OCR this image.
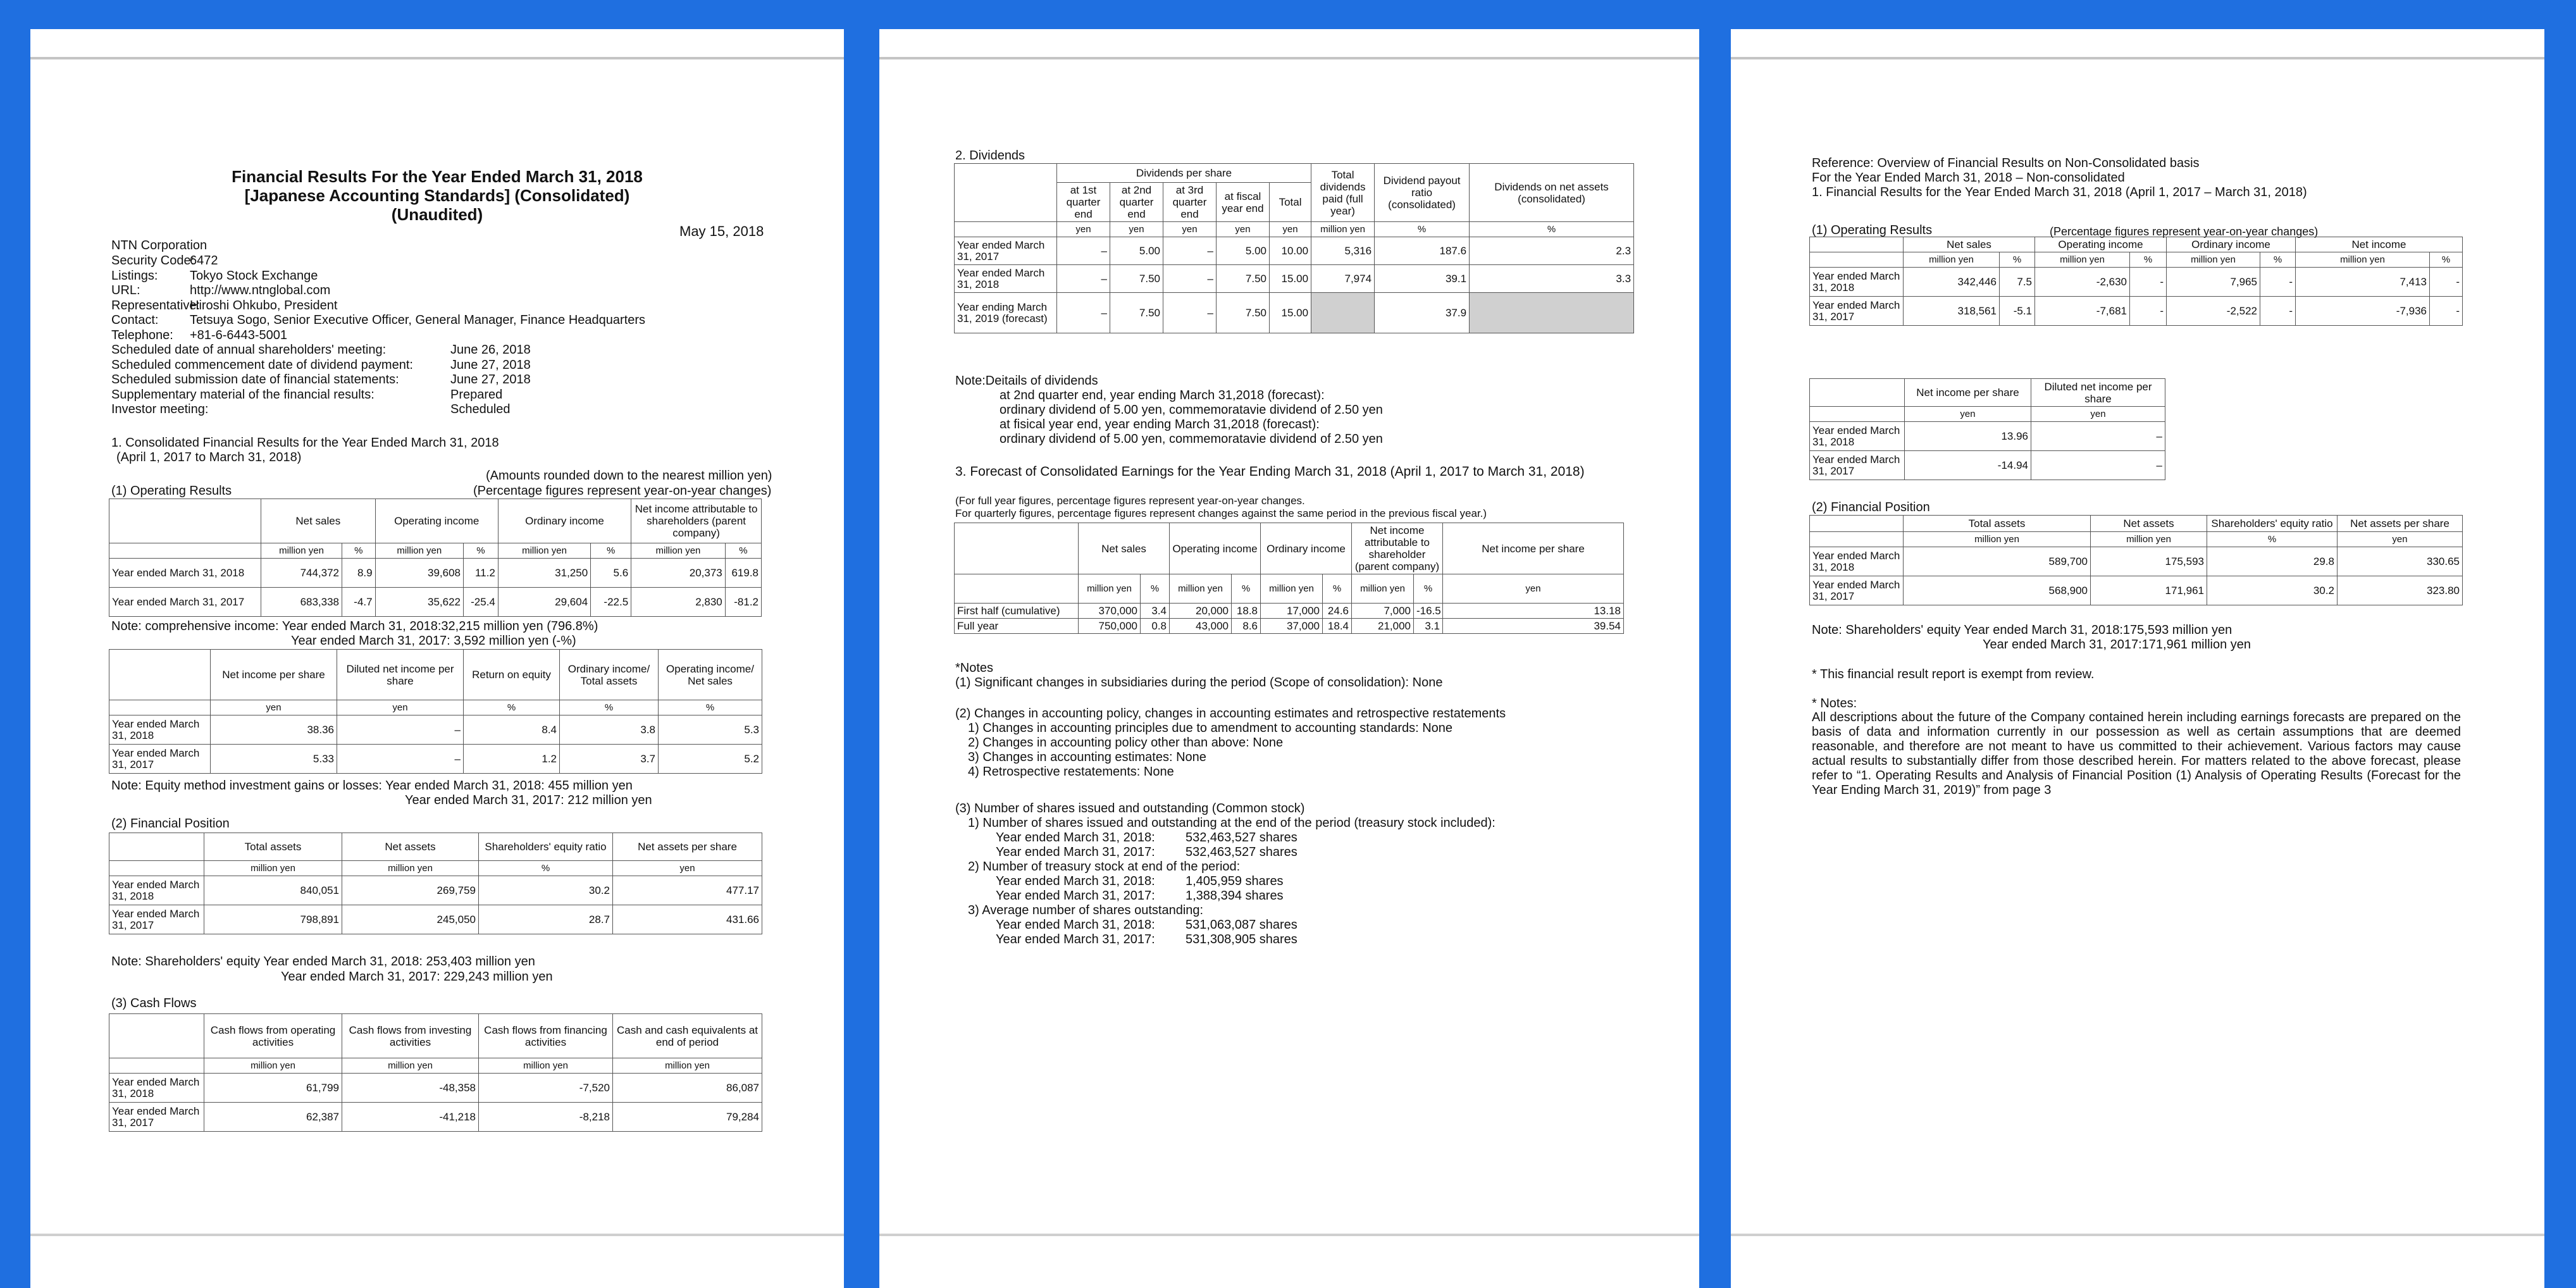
Financial Results For the Year Ended March 31, 2018
[Japanese Accounting Standards] (Consolidated)
(Unaudited)
May 15, 2018
NTN Corporation
Security Code:
6472
Listings:	Tokyo Stock Exchange
URL:	http://www.ntnglobal.com
Representative:
Hiroshi Ohkubo, President
Contact: Tetsuya Sogo, Senior Executive Officer, General Manager, Finance Headquarters
Telephone: +81-6-6443-5001
Scheduled date of annual shareholders' meeting:	June 26, 2018
Scheduled commencement date of dividend payment:	June 27, 2018
Scheduled submission date of financial statements:	June 27, 2018
Supplementary material of the financial results:	Prepared
Investor meeting:	Scheduled
1. Consolidated Financial Results for the Year Ended March 31, 2018
(April 1, 2017 to March 31, 2018)
(Amounts rounded down to the nearest million yen)
(1) Operating Results	(Percentage figures represent year-on-year changes)
	Net sales		Operating income		Ordinary income		Net income attributable to shareholders (parent company)	
	million yen	%	million yen	%	million yen	%	million yen	%
Year ended March 31, 2018	744,372	8.9	39,608	11.2	31,250	5.6	20,373	619.8
Year ended March 31, 2017	683,338	-4.7	35,622	-25.4	29,604	-22.5	2,830	-81.2
Note: comprehensive income: Year ended March 31, 2018:32,215 million yen (796.8%)
Year ended March 31, 2017: 3,592 million yen (-%)
	Net income per share	Diluted net income per share	Return on equity	Ordinary income/ Total assets	Operating income/ Net sales
	yen	yen	%	%	%
Year ended March 31, 2018	38.36	–	8.4	3.8	5.3
Year ended March 31, 2017	5.33	–	1.2	3.7	5.2
Note: Equity method investment gains or losses: Year ended March 31, 2018: 455 million yen
Year ended March 31, 2017: 212 million yen
(2) Financial Position
	Total assets	Net assets	Shareholders' equity ratio	Net assets per share
	million yen	million yen	%	yen
Year ended March 31, 2018	840,051	269,759	30.2	477.17
Year ended March 31, 2017	798,891	245,050	28.7	431.66
Note: Shareholders' equity Year ended March 31, 2018: 253,403 million yen
Year ended March 31, 2017: 229,243 million yen
(3) Cash Flows
	Cash flows from operating activities	Cash flows from investing activities	Cash flows from financing activities	Cash and cash equivalents at end of period
	million yen	million yen	million yen	million yen
Year ended March 31, 2018	61,799	-48,358	-7,520	86,087
Year ended March 31, 2017	62,387	-41,218	-8,218	79,284
2. Dividends
	Dividends per share					Total dividends paid (full year)	Dividend payout ratio (consolidated)	Dividends on net assets (consolidated)
	at 1st quarter end	at 2nd quarter end	at 3rd quarter end	at fiscal year end	Total			
	yen	yen	yen	yen	yen	million yen	%	%
Year ended March 31, 2017	–	5.00	–	5.00	10.00	5,316	187.6	2.3
Year ended March 31, 2018	–	7.50	–	7.50	15.00	7,974	39.1	3.3
Year ending March 31, 2019 (forecast)	–	7.50	–	7.50	15.00		37.9	
Note:Deitails of dividends
at 2nd quarter end, year ending March 31,2018 (forecast):
ordinary dividend of 5.00 yen, commemoratavie dividend of 2.50 yen
at fisical year end, year ending March 31,2018 (forecast):
ordinary dividend of 5.00 yen, commemoratavie dividend of 2.50 yen
3. Forecast of Consolidated Earnings for the Year Ending March 31, 2018 (April 1, 2017 to March 31, 2018)
(For full year figures, percentage figures represent year-on-year changes.
For quarterly figures, percentage figures represent changes against the same period in the previous fiscal year.)
	Net sales		Operating income		Ordinary income		Net income attributable to shareholder (parent company)		Net income per share
	million yen	%	million yen	%	million yen	%	million yen	%	yen
First half (cumulative)	370,000	3.4	20,000	18.8	17,000	24.6	7,000	-16.5	13.18
Full year	750,000	0.8	43,000	8.6	37,000	18.4	21,000	3.1	39.54
*Notes
(1) Significant changes in subsidiaries during the period (Scope of consolidation): None
(2) Changes in accounting policy, changes in accounting estimates and retrospective restatements
1) Changes in accounting principles due to amendment to accounting standards: None
2) Changes in accounting policy other than above: None
3) Changes in accounting estimates: None
4) Retrospective restatements: None
(3) Number of shares issued and outstanding (Common stock)
1) Number of shares issued and outstanding at the end of the period (treasury stock included):
Year ended March 31, 2018: 532,463,527 shares
Year ended March 31, 2017: 532,463,527 shares
2) Number of treasury stock at end of the period:
Year ended March 31, 2018: 1,405,959 shares
Year ended March 31, 2017: 1,388,394 shares
3) Average number of shares outstanding:
Year ended March 31, 2018: 531,063,087 shares
Year ended March 31, 2017: 531,308,905 shares
Reference: Overview of Financial Results on Non-Consolidated basis
For the Year Ended March 31, 2018 – Non-consolidated
1. Financial Results for the Year Ended March 31, 2018 (April 1, 2017 – March 31, 2018)
(1) Operating Results	(Percentage figures represent year-on-year changes)
	Net sales		Operating income		Ordinary income		Net income	
	million yen	%	million yen	%	million yen	%	million yen	%
Year ended March 31, 2018	342,446	7.5	-2,630	-	7,965	-	7,413	-
Year ended March 31, 2017	318,561	-5.1	-7,681	-	-2,522	-	-7,936	-
	Net income per share	Diluted net income per share
	yen	yen
Year ended March 31, 2018	13.96	–
Year ended March 31, 2017	-14.94	–
(2) Financial Position
	Total assets	Net assets	Shareholders' equity ratio	Net assets per share
	million yen	million yen	%	yen
Year ended March 31, 2018	589,700	175,593	29.8	330.65
Year ended March 31, 2017	568,900	171,961	30.2	323.80
Note: Shareholders' equity Year ended March 31, 2018:175,593 million yen
Year ended March 31, 2017:171,961 million yen
* This financial result report is exempt from review.
* Notes:
All descriptions about the future of the Company contained herein including earnings forecasts are prepared on the basis of data and information currently in our possession as well as certain assumptions that are deemed reasonable, and therefore are not meant to have us committed to their achievement. Various factors may cause actual results to substantially differ from those described herein. For matters related to the above forecast, please refer to “1. Operating Results and Analysis of Financial Position (1) Analysis of Operating Results (Forecast for the Year Ending March 31, 2019)” from page 3
